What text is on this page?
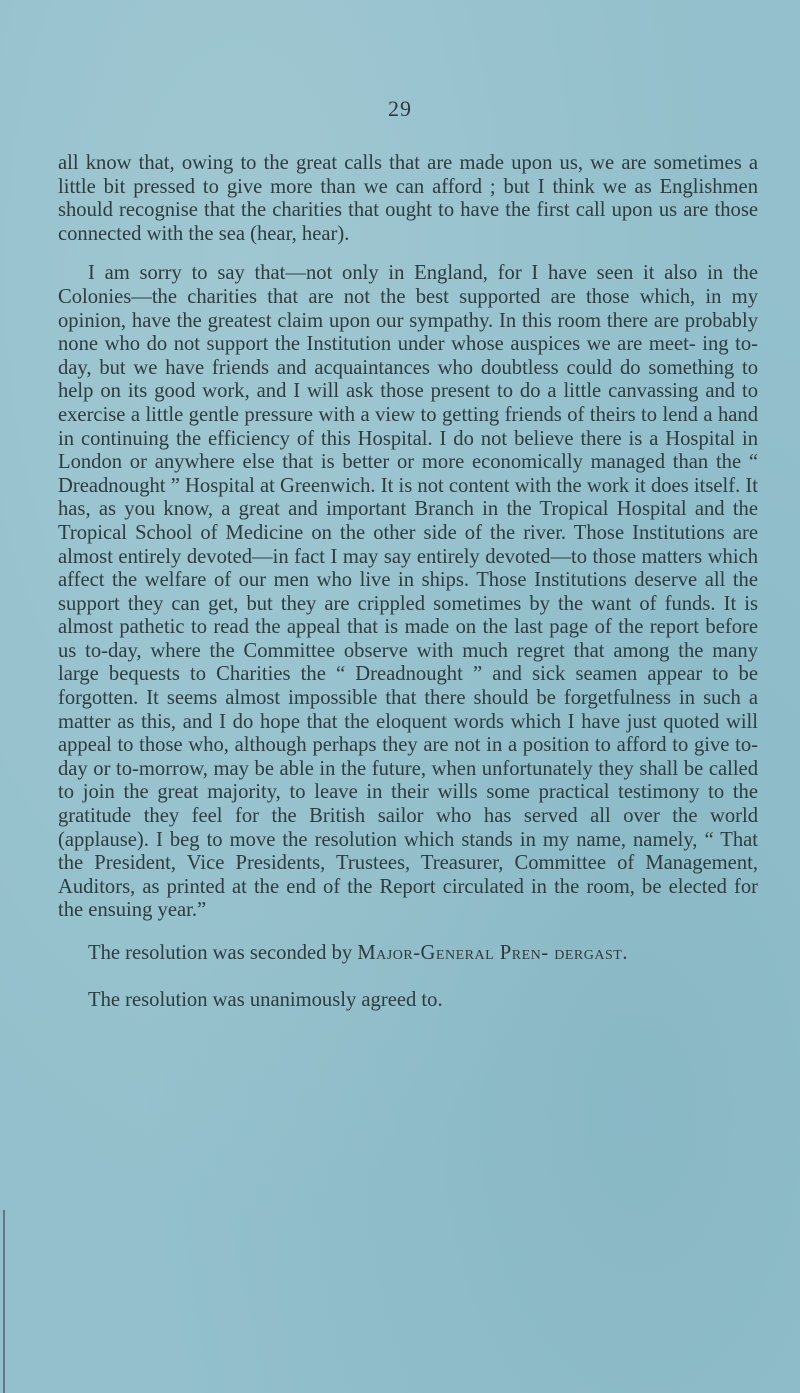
29

all know that, owing to the great calls that are made upon us, we are sometimes a little bit pressed to give more than we can afford ; but I think we as Englishmen should recognise that the charities that ought to have the first call upon us are those connected with the sea (hear, hear).

I am sorry to say that—not only in England, for I have seen it also in the Colonies—the charities that are not the best supported are those which, in my opinion, have the greatest claim upon our sympathy. In this room there are probably none who do not support the Institution under whose auspices we are meet- ing to-day, but we have friends and acquaintances who doubtless could do something to help on its good work, and I will ask those present to do a little canvassing and to exercise a little gentle pressure with a view to getting friends of theirs to lend a hand in continuing the efficiency of this Hospital. I do not believe there is a Hospital in London or anywhere else that is better or more economically managed than the “ Dreadnought ” Hospital at Greenwich. It is not content with the work it does itself. It has, as you know, a great and important Branch in the Tropical Hospital and the Tropical School of Medicine on the other side of the river. Those Institutions are almost entirely devoted—in fact I may say entirely devoted—to those matters which affect the welfare of our men who live in ships. Those Institutions deserve all the support they can get, but they are crippled sometimes by the want of funds. It is almost pathetic to read the appeal that is made on the last page of the report before us to-day, where the Committee observe with much regret that among the many large bequests to Charities the “ Dreadnought ” and sick seamen appear to be forgotten. It seems almost impossible that there should be forgetfulness in such a matter as this, and I do hope that the eloquent words which I have just quoted will appeal to those who, although perhaps they are not in a position to afford to give to-day or to-morrow, may be able in the future, when unfortunately they shall be called to join the great majority, to leave in their wills some practical testimony to the gratitude they feel for the British sailor who has served all over the world (applause). I beg to move the resolution which stands in my name, namely, “ That the President, Vice Presidents, Trustees, Treasurer, Committee of Management, Auditors, as printed at the end of the Report circulated in the room, be elected for the ensuing year.”

The resolution was seconded by Major-General Pren- dergast.

The resolution was unanimously agreed to.
